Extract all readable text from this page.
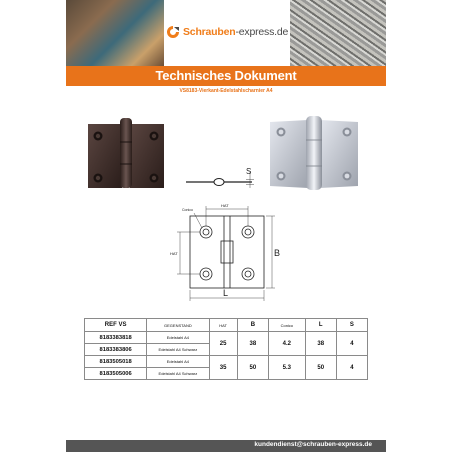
Schrauben-express.de
Technisches Dokument
VS8183-Vierkant-Edelstahlscharnier A4
S
HAT
HAT	B
L
Conico
REF VS	GEGENSTAND	HAT	B	Conico	L	S
8183383818	Edelstahl A4	25	38	4.2	38	4
8183383806	Edelstahl A4 Schwarz					
8183505018	Edelstahl A4	35	50	5.3	50	4
8183505006	Edelstahl A4 Schwarz					
kundendienst@schrauben-express.de
